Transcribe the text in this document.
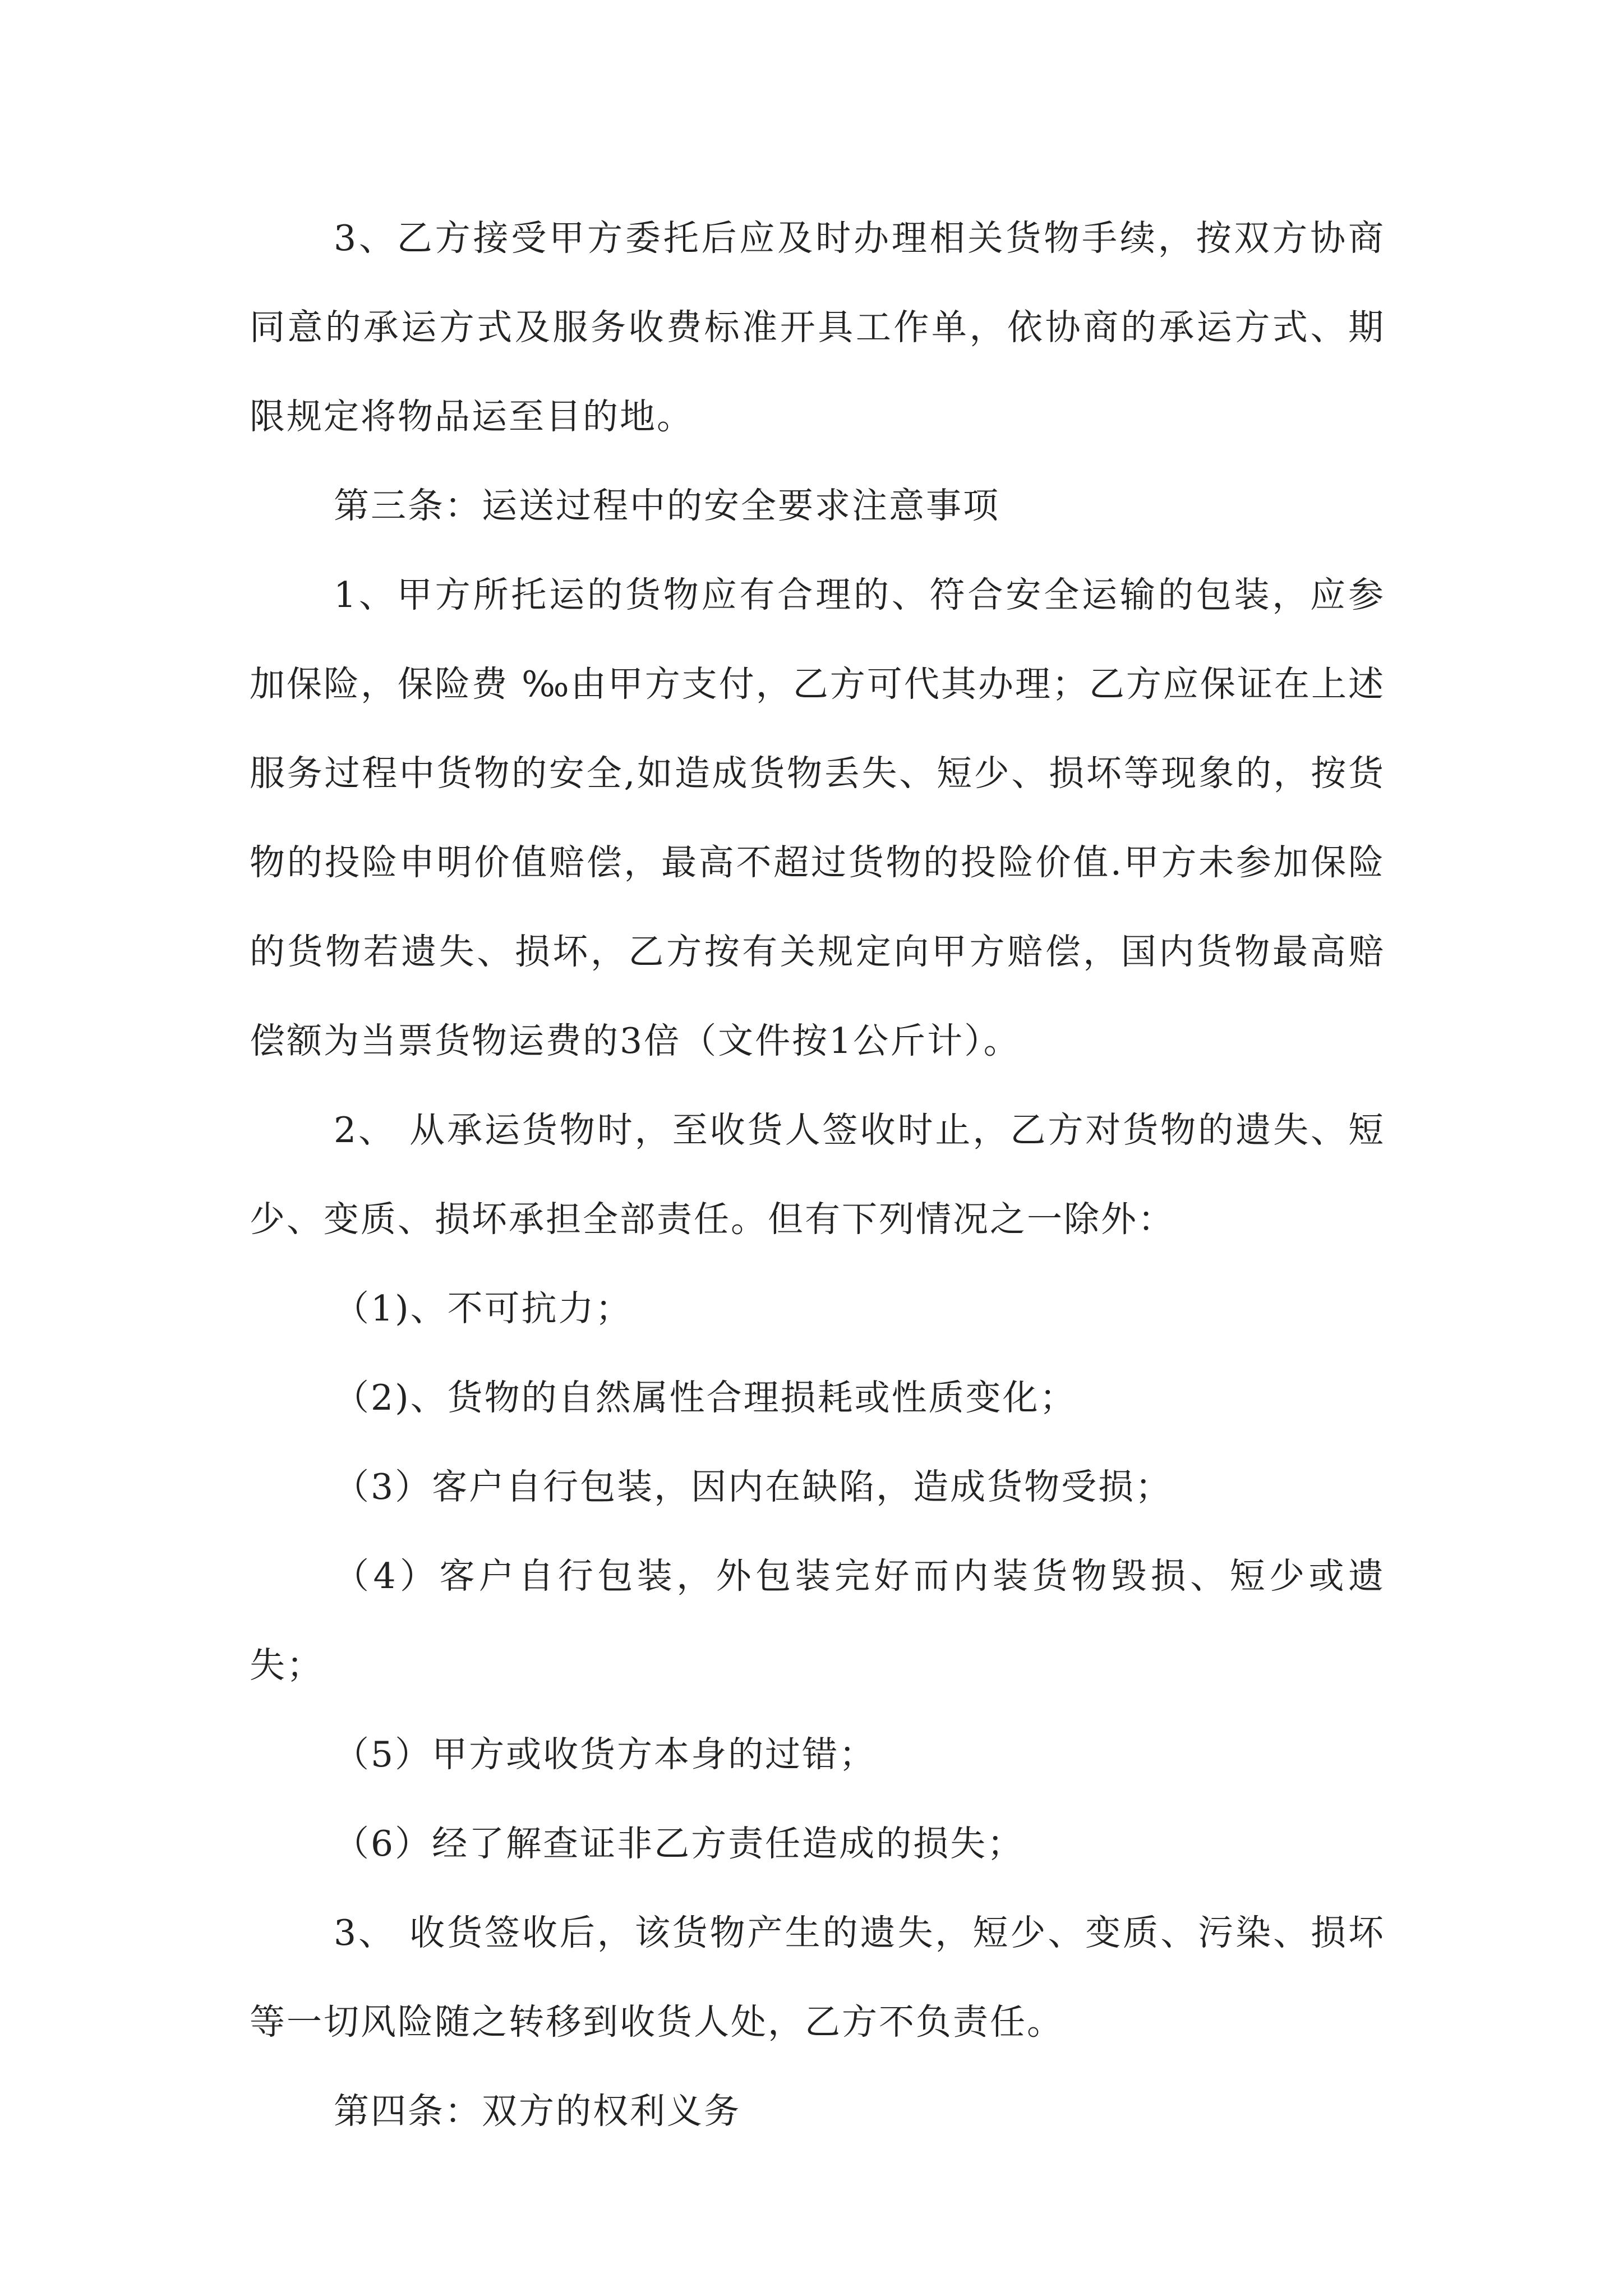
3、乙方接受甲方委托后应及时办理相关货物手续，按双方协商同意的承运方式及服务收费标准开具工作单，依协商的承运方式、期限规定将物品运至目的地。

第三条：运送过程中的安全要求注意事项

1、甲方所托运的货物应有合理的、符合安全运输的包装，应参加保险，保险费 ‰由甲方支付，乙方可代其办理；乙方应保证在上述服务过程中货物的安全,如造成货物丢失、短少、损坏等现象的，按货物的投险申明价值赔偿，最高不超过货物的投险价值.甲方未参加保险的货物若遗失、损坏，乙方按有关规定向甲方赔偿，国内货物最高赔偿额为当票货物运费的3倍（文件按1公斤计）。

2、 从承运货物时，至收货人签收时止，乙方对货物的遗失、短少、变质、损坏承担全部责任。但有下列情况之一除外：

（1)、不可抗力；

（2)、货物的自然属性合理损耗或性质变化；

（3）客户自行包装，因内在缺陷，造成货物受损；

（4）客户自行包装，外包装完好而内装货物毁损、短少或遗失；

（5）甲方或收货方本身的过错；

（6）经了解查证非乙方责任造成的损失；

3、 收货签收后，该货物产生的遗失，短少、变质、污染、损坏等一切风险随之转移到收货人处，乙方不负责任。

第四条：双方的权利义务
